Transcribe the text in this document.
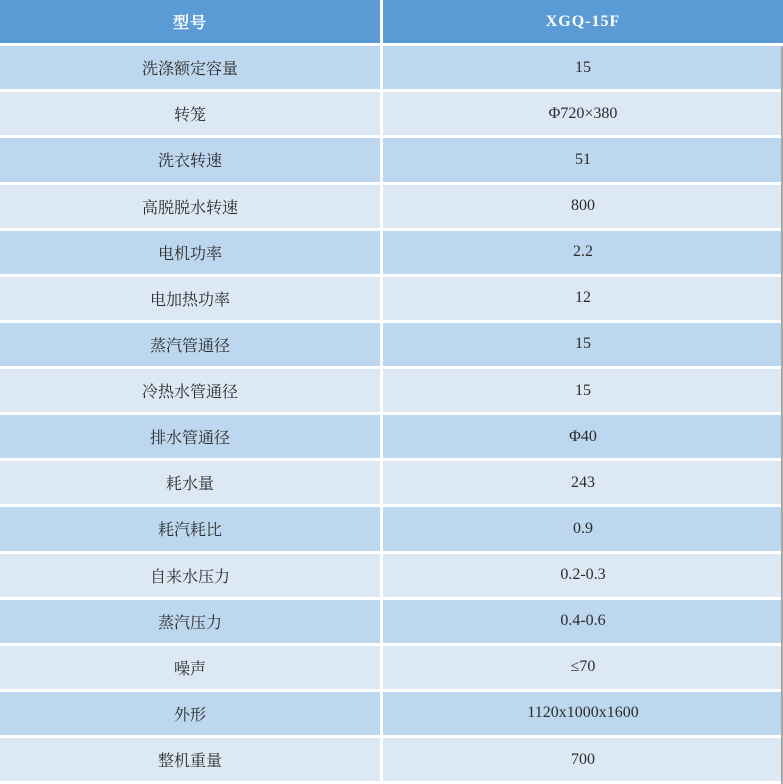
型号	XGQ-15F
洗涤额定容量	15
转笼	Φ720×380
洗衣转速	51
高脱脱水转速	800
电机功率	2.2
电加热功率	12
蒸汽管通径	15
冷热水管通径	15
排水管通径	Φ40
耗水量	243
耗汽耗比	0.9
自来水压力	0.2-0.3
蒸汽压力	0.4-0.6
噪声	≤70
外形	1120x1000x1600
整机重量	700
